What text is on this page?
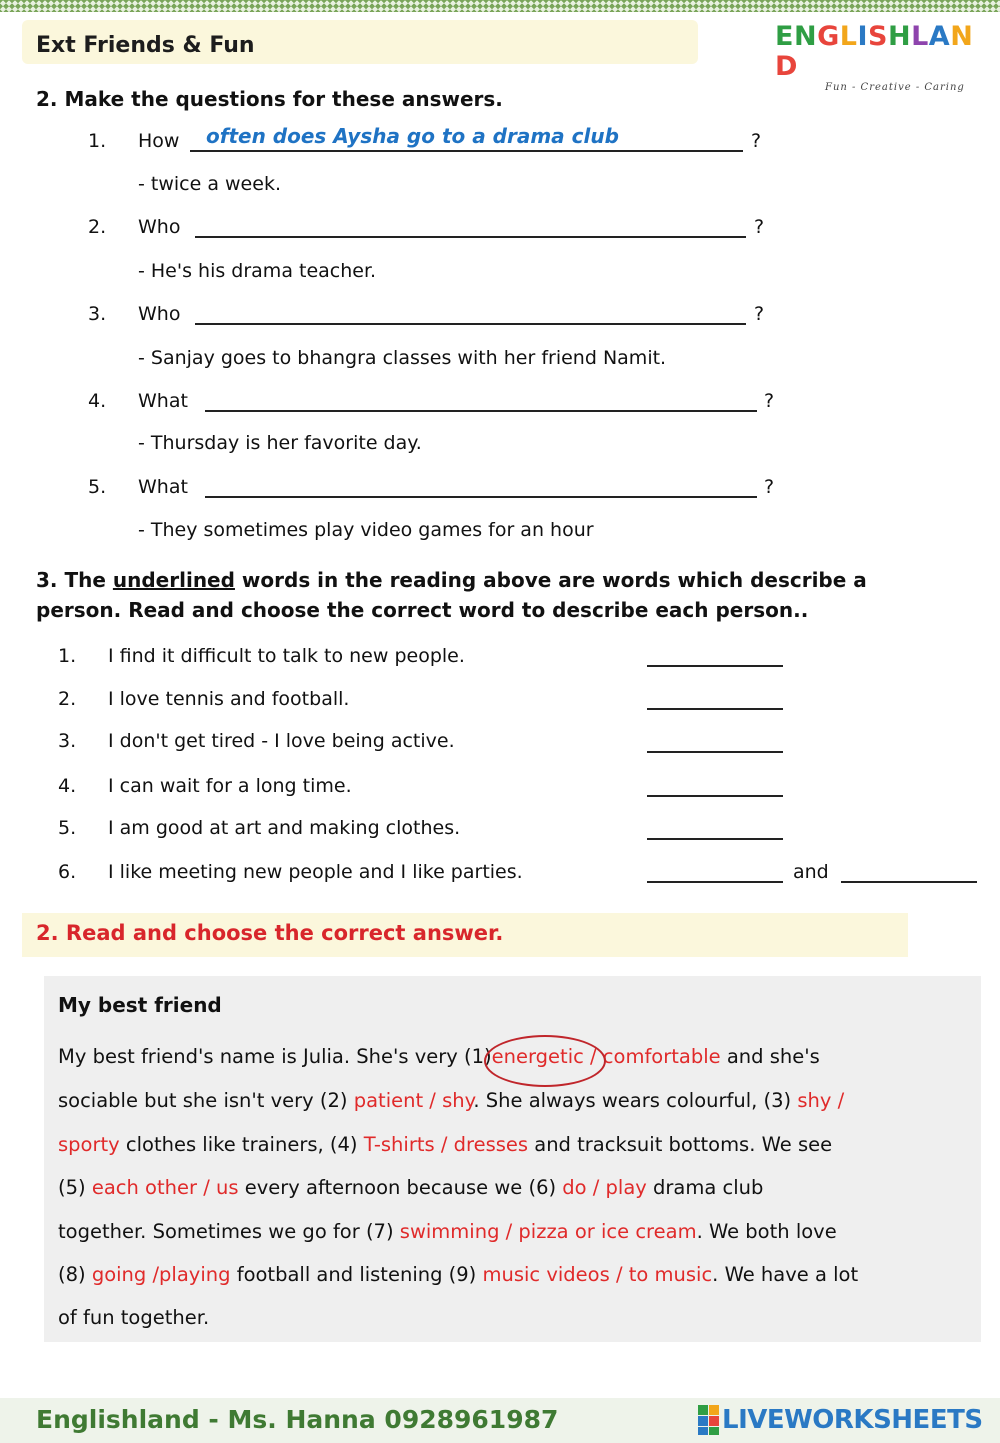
Ext Friends & Fun	ENGLISHLAND
Fun - Creative - Caring
2. Make the questions for these answers.
1. How often does Aysha go to a drama club	?
- twice a week.
2. Who	?
- He's his drama teacher.
3. Who	?
- Sanjay goes to bhangra classes with her friend Namit.
4. What	?
- Thursday is her favorite day.
5. What	?
- They sometimes play video games for an hour
3. The underlined words in the reading above are words which describe a person. Read and choose the correct word to describe each person..
1. I find it difficult to talk to new people.
2. I love tennis and football.
3. I don't get tired - I love being active.
4. I can wait for a long time.
5. I am good at art and making clothes.
6. I like meeting new people and I like parties.	and
2. Read and choose the correct answer.
My best friend
My best friend's name is Julia. She's very (1)energetic
/ comfortable and she's
sociable but she isn't very (2) patient / shy. She always wears colourful, (3) shy /
sporty clothes like trainers, (4) T-shirts / dresses and tracksuit bottoms. We see
(5) each other / us every afternoon because we (6) do / play drama club
together. Sometimes we go for (7) swimming / pizza or ice cream. We both love
(8) going /playing football and listening (9) music videos / to music. We have a lot
of fun together.
Englishland - Ms. Hanna 0928961987	LIVEWORKSHEETS
